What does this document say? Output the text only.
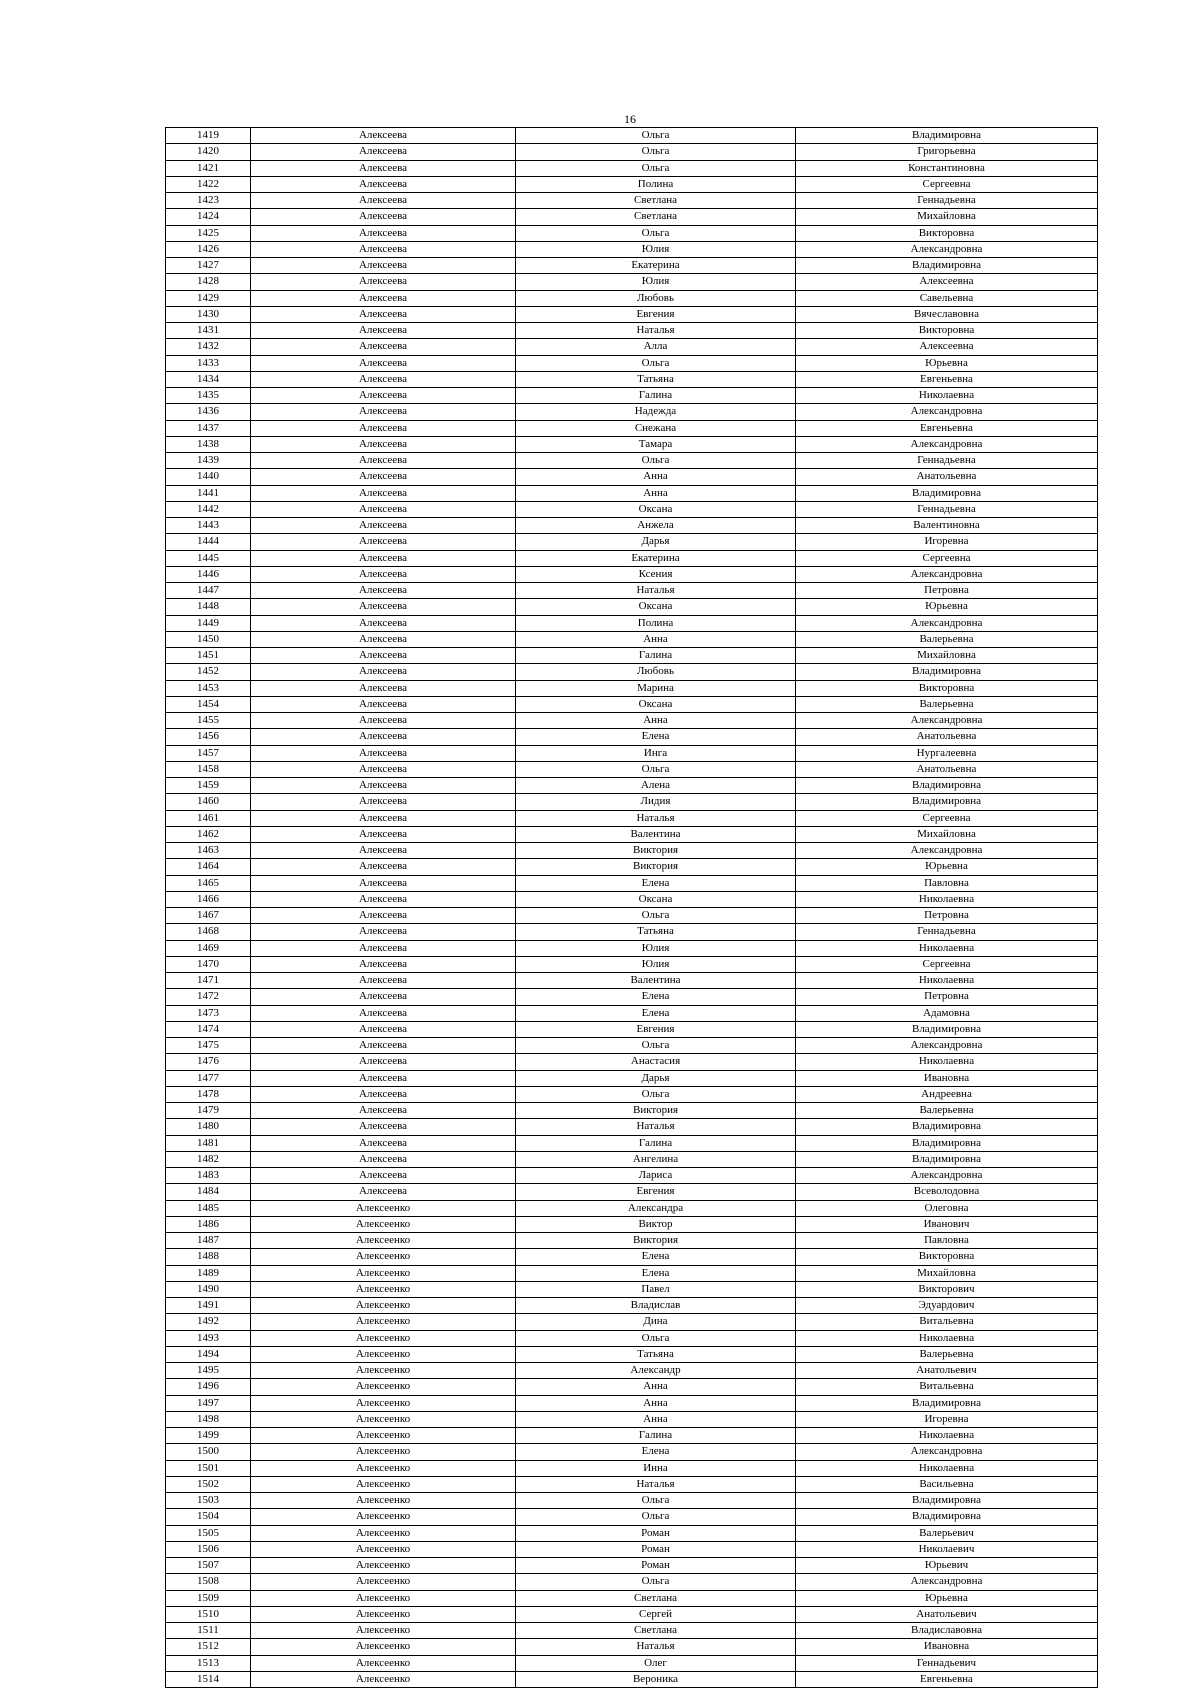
16
1419	Алексеева	Ольга	Владимировна
1420	Алексеева	Ольга	Григорьевна
1421	Алексеева	Ольга	Константиновна
1422	Алексеева	Полина	Сергеевна
1423	Алексеева	Светлана	Геннадьевна
1424	Алексеева	Светлана	Михайловна
1425	Алексеева	Ольга	Викторовна
1426	Алексеева	Юлия	Александровна
1427	Алексеева	Екатерина	Владимировна
1428	Алексеева	Юлия	Алексеевна
1429	Алексеева	Любовь	Савельевна
1430	Алексеева	Евгения	Вячеславовна
1431	Алексеева	Наталья	Викторовна
1432	Алексеева	Алла	Алексеевна
1433	Алексеева	Ольга	Юрьевна
1434	Алексеева	Татьяна	Евгеньевна
1435	Алексеева	Галина	Николаевна
1436	Алексеева	Надежда	Александровна
1437	Алексеева	Снежана	Евгеньевна
1438	Алексеева	Тамара	Александровна
1439	Алексеева	Ольга	Геннадьевна
1440	Алексеева	Анна	Анатольевна
1441	Алексеева	Анна	Владимировна
1442	Алексеева	Оксана	Геннадьевна
1443	Алексеева	Анжела	Валентиновна
1444	Алексеева	Дарья	Игоревна
1445	Алексеева	Екатерина	Сергеевна
1446	Алексеева	Ксения	Александровна
1447	Алексеева	Наталья	Петровна
1448	Алексеева	Оксана	Юрьевна
1449	Алексеева	Полина	Александровна
1450	Алексеева	Анна	Валерьевна
1451	Алексеева	Галина	Михайловна
1452	Алексеева	Любовь	Владимировна
1453	Алексеева	Марина	Викторовна
1454	Алексеева	Оксана	Валерьевна
1455	Алексеева	Анна	Александровна
1456	Алексеева	Елена	Анатольевна
1457	Алексеева	Инга	Нургалеевна
1458	Алексеева	Ольга	Анатольевна
1459	Алексеева	Алена	Владимировна
1460	Алексеева	Лидия	Владимировна
1461	Алексеева	Наталья	Сергеевна
1462	Алексеева	Валентина	Михайловна
1463	Алексеева	Виктория	Александровна
1464	Алексеева	Виктория	Юрьевна
1465	Алексеева	Елена	Павловна
1466	Алексеева	Оксана	Николаевна
1467	Алексеева	Ольга	Петровна
1468	Алексеева	Татьяна	Геннадьевна
1469	Алексеева	Юлия	Николаевна
1470	Алексеева	Юлия	Сергеевна
1471	Алексеева	Валентина	Николаевна
1472	Алексеева	Елена	Петровна
1473	Алексеева	Елена	Адамовна
1474	Алексеева	Евгения	Владимировна
1475	Алексеева	Ольга	Александровна
1476	Алексеева	Анастасия	Николаевна
1477	Алексеева	Дарья	Ивановна
1478	Алексеева	Ольга	Андреевна
1479	Алексеева	Виктория	Валерьевна
1480	Алексеева	Наталья	Владимировна
1481	Алексеева	Галина	Владимировна
1482	Алексеева	Ангелина	Владимировна
1483	Алексеева	Лариса	Александровна
1484	Алексеева	Евгения	Всеволодовна
1485	Алексеенко	Александра	Олеговна
1486	Алексеенко	Виктор	Иванович
1487	Алексеенко	Виктория	Павловна
1488	Алексеенко	Елена	Викторовна
1489	Алексеенко	Елена	Михайловна
1490	Алексеенко	Павел	Викторович
1491	Алексеенко	Владислав	Эдуардович
1492	Алексеенко	Дина	Витальевна
1493	Алексеенко	Ольга	Николаевна
1494	Алексеенко	Татьяна	Валерьевна
1495	Алексеенко	Александр	Анатольевич
1496	Алексеенко	Анна	Витальевна
1497	Алексеенко	Анна	Владимировна
1498	Алексеенко	Анна	Игоревна
1499	Алексеенко	Галина	Николаевна
1500	Алексеенко	Елена	Александровна
1501	Алексеенко	Инна	Николаевна
1502	Алексеенко	Наталья	Васильевна
1503	Алексеенко	Ольга	Владимировна
1504	Алексеенко	Ольга	Владимировна
1505	Алексеенко	Роман	Валерьевич
1506	Алексеенко	Роман	Николаевич
1507	Алексеенко	Роман	Юрьевич
1508	Алексеенко	Ольга	Александровна
1509	Алексеенко	Светлана	Юрьевна
1510	Алексеенко	Сергей	Анатольевич
1511	Алексеенко	Светлана	Владиславовна
1512	Алексеенко	Наталья	Ивановна
1513	Алексеенко	Олег	Геннадьевич
1514	Алексеенко	Вероника	Евгеньевна
